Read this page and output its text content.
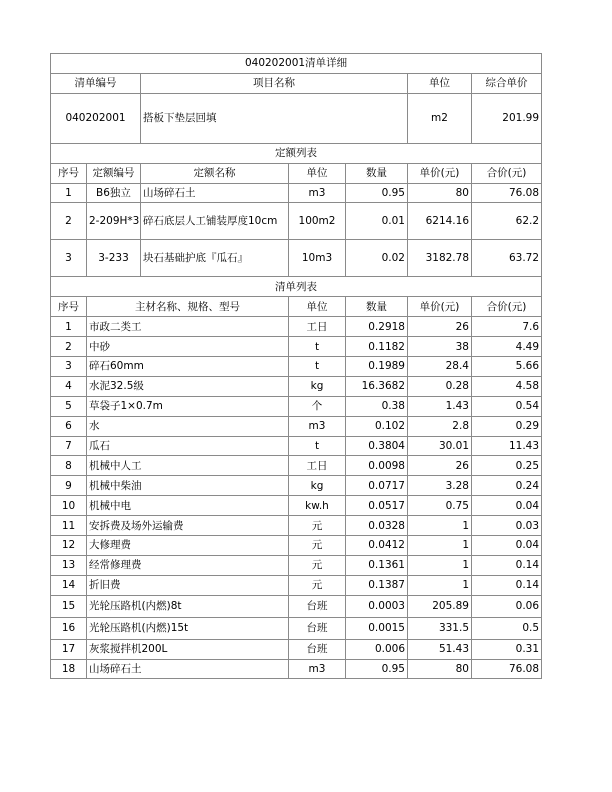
040202001清单详细						
清单编号		项目名称			单位	综合单价
040202001		搭板下垫层回填			m2	201.99
定额列表						
序号	定额编号	定额名称	单位	数量	单价(元)	合价(元)
1	B6独立	山场碎石土	m3	0.95	80	76.08
2	2-209H*3	碎石底层人工铺装厚度10cm	100m2	0.01	6214.16	62.2
3	3-233	块石基础护底『瓜石』	10m3	0.02	3182.78	63.72
清单列表						
序号	主材名称、规格、型号		单位	数量	单价(元)	合价(元)
1	市政二类工		工日	0.2918	26	7.6
2	中砂		t	0.1182	38	4.49
3	碎石60mm		t	0.1989	28.4	5.66
4	水泥32.5级		kg	16.3682	0.28	4.58
5	草袋子1×0.7m		个	0.38	1.43	0.54
6	水		m3	0.102	2.8	0.29
7	瓜石		t	0.3804	30.01	11.43
8	机械中人工		工日	0.0098	26	0.25
9	机械中柴油		kg	0.0717	3.28	0.24
10	机械中电		kw.h	0.0517	0.75	0.04
11	安拆费及场外运输费		元	0.0328	1	0.03
12	大修理费		元	0.0412	1	0.04
13	经常修理费		元	0.1361	1	0.14
14	折旧费		元	0.1387	1	0.14
15	光轮压路机(内燃)8t		台班	0.0003	205.89	0.06
16	光轮压路机(内燃)15t		台班	0.0015	331.5	0.5
17	灰浆搅拌机200L		台班	0.006	51.43	0.31
18	山场碎石土		m3	0.95	80	76.08
